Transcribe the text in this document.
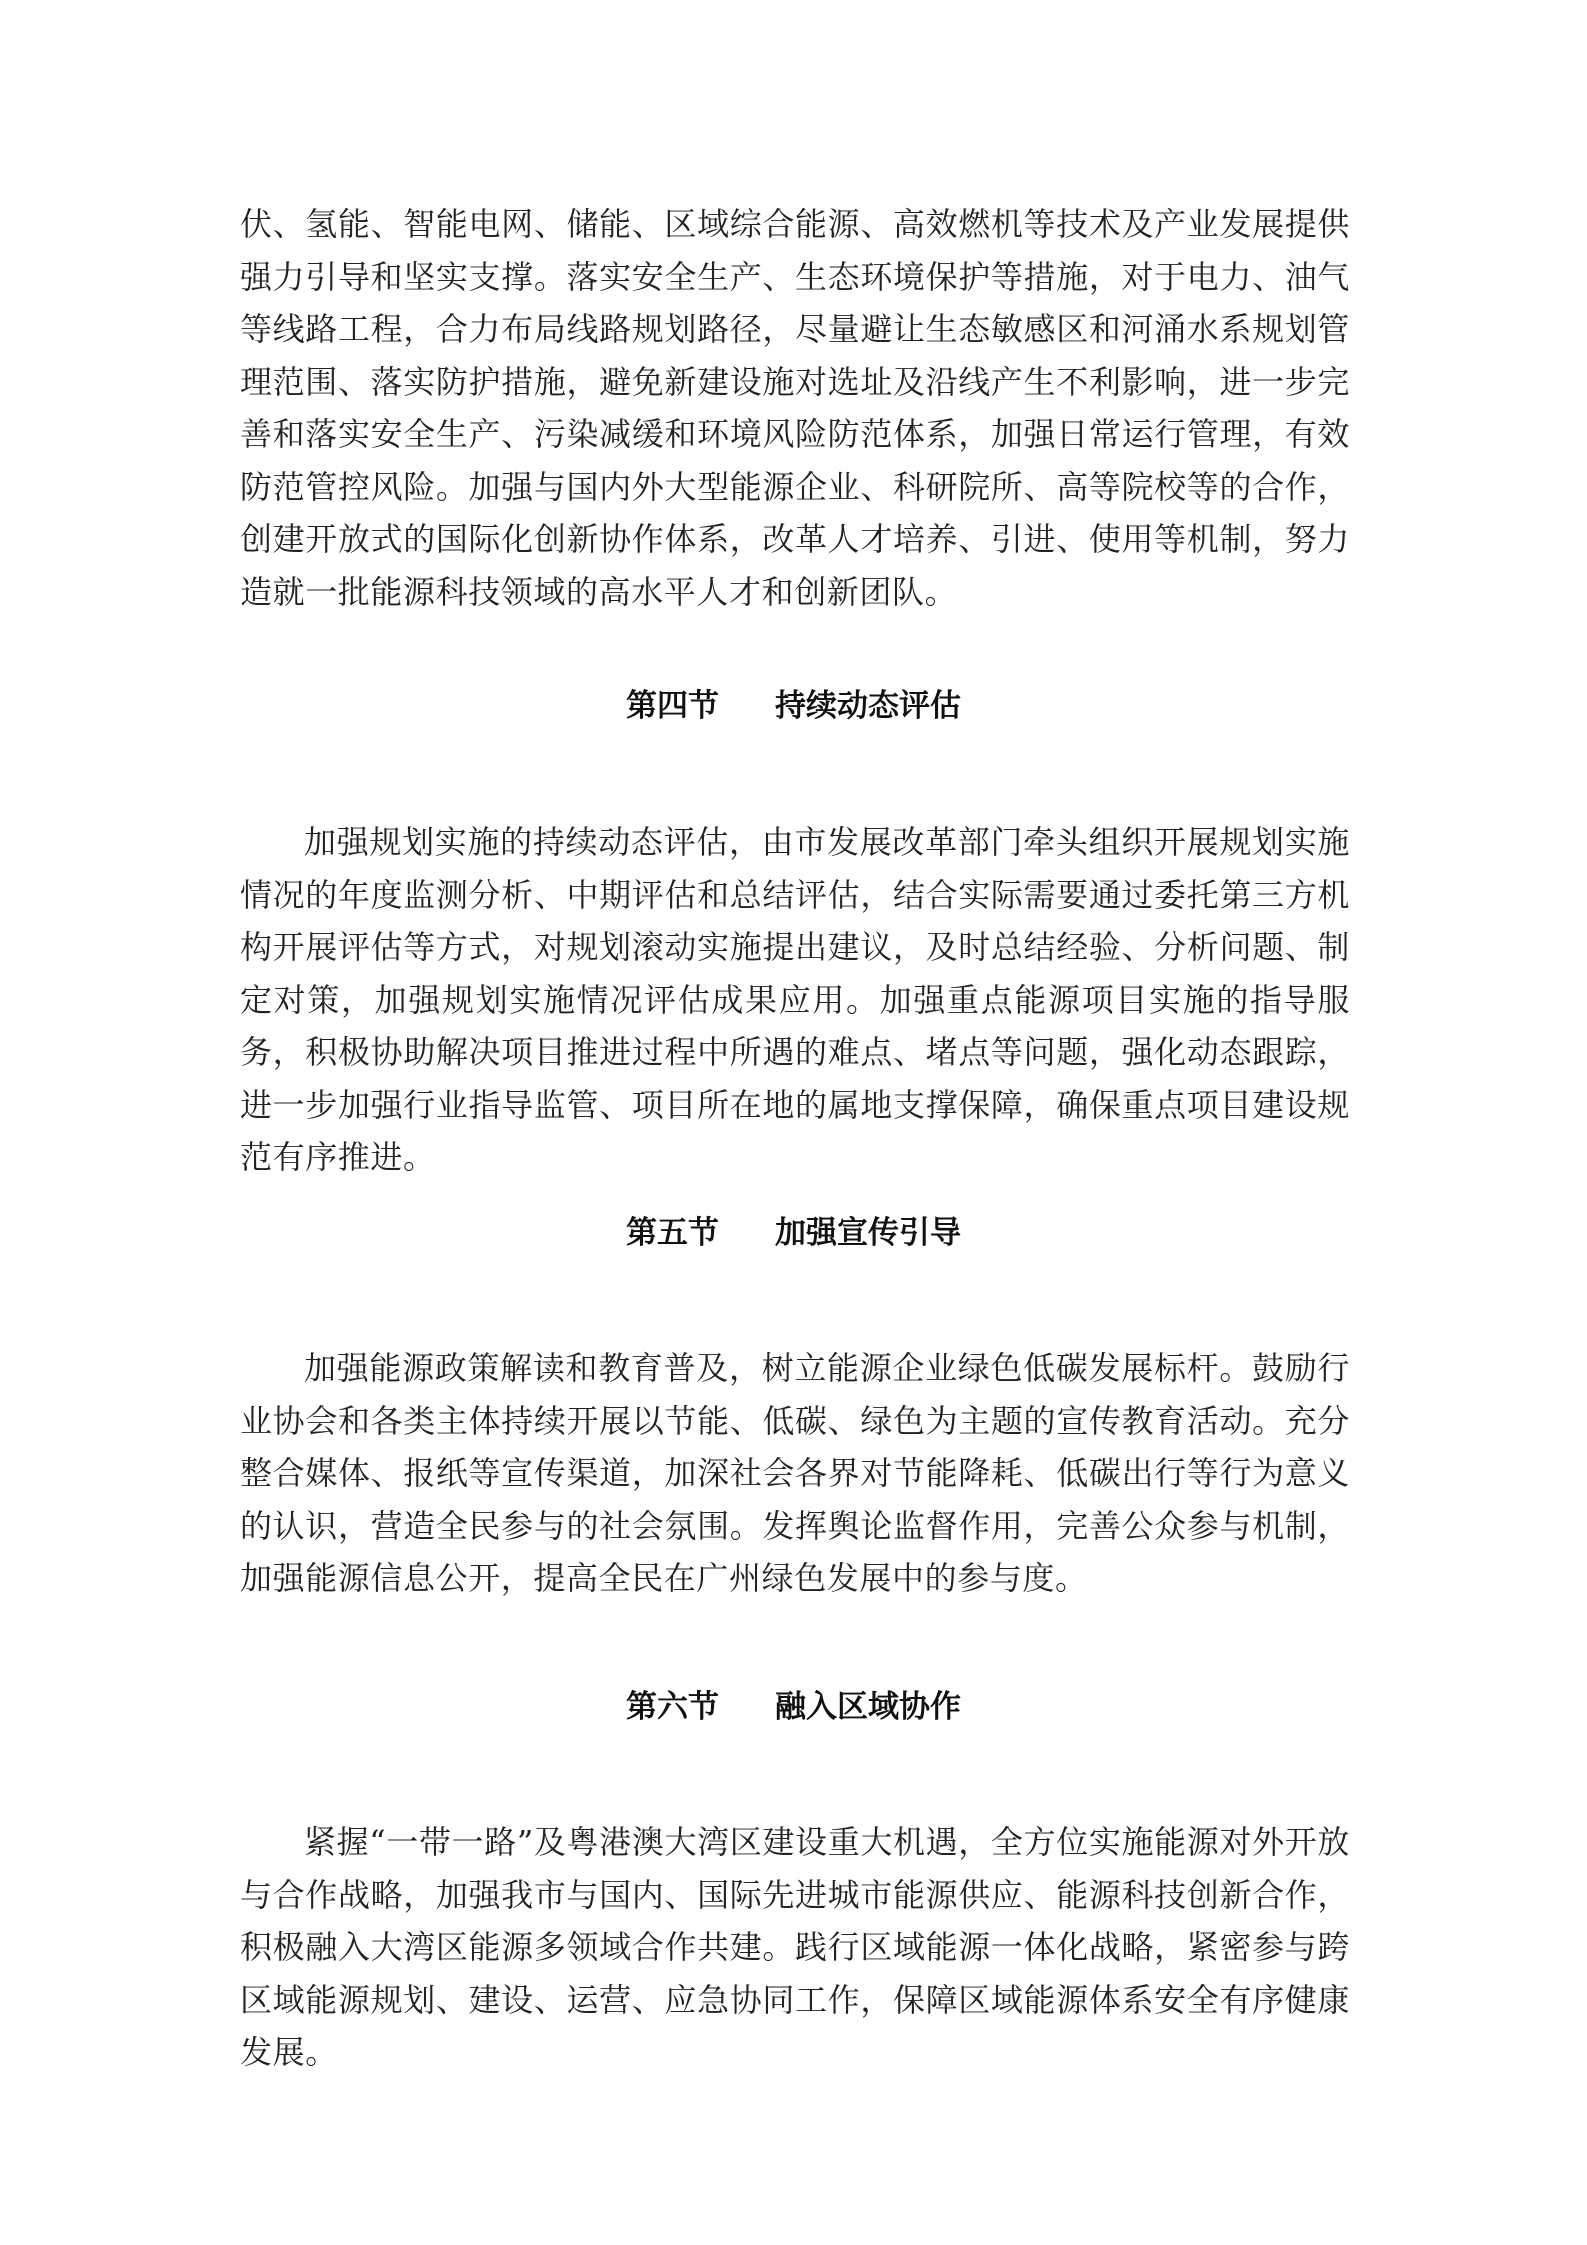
伏、氢能、智能电网、储能、区域综合能源、高效燃机等技术及产业发展提供强力引导和坚实支撑。落实安全生产、生态环境保护等措施，对于电力、油气等线路工程，合力布局线路规划路径，尽量避让生态敏感区和河涌水系规划管理范围、落实防护措施，避免新建设施对选址及沿线产生不利影响，进一步完善和落实安全生产、污染减缓和环境风险防范体系，加强日常运行管理，有效防范管控风险。加强与国内外大型能源企业、科研院所、高等院校等的合作，创建开放式的国际化创新协作体系，改革人才培养、引进、使用等机制，努力造就一批能源科技领域的高水平人才和创新团队。

第四节 持续动态评估

加强规划实施的持续动态评估，由市发展改革部门牵头组织开展规划实施情况的年度监测分析、中期评估和总结评估，结合实际需要通过委托第三方机构开展评估等方式，对规划滚动实施提出建议，及时总结经验、分析问题、制定对策，加强规划实施情况评估成果应用。加强重点能源项目实施的指导服务，积极协助解决项目推进过程中所遇的难点、堵点等问题，强化动态跟踪，进一步加强行业指导监管、项目所在地的属地支撑保障，确保重点项目建设规范有序推进。

第五节 加强宣传引导

加强能源政策解读和教育普及，树立能源企业绿色低碳发展标杆。鼓励行业协会和各类主体持续开展以节能、低碳、绿色为主题的宣传教育活动。充分整合媒体、报纸等宣传渠道，加深社会各界对节能降耗、低碳出行等行为意义的认识，营造全民参与的社会氛围。发挥舆论监督作用，完善公众参与机制，加强能源信息公开，提高全民在广州绿色发展中的参与度。

第六节 融入区域协作

紧握“一带一路”及粤港澳大湾区建设重大机遇，全方位实施能源对外开放与合作战略，加强我市与国内、国际先进城市能源供应、能源科技创新合作，积极融入大湾区能源多领域合作共建。践行区域能源一体化战略，紧密参与跨区域能源规划、建设、运营、应急协同工作，保障区域能源体系安全有序健康发展。
